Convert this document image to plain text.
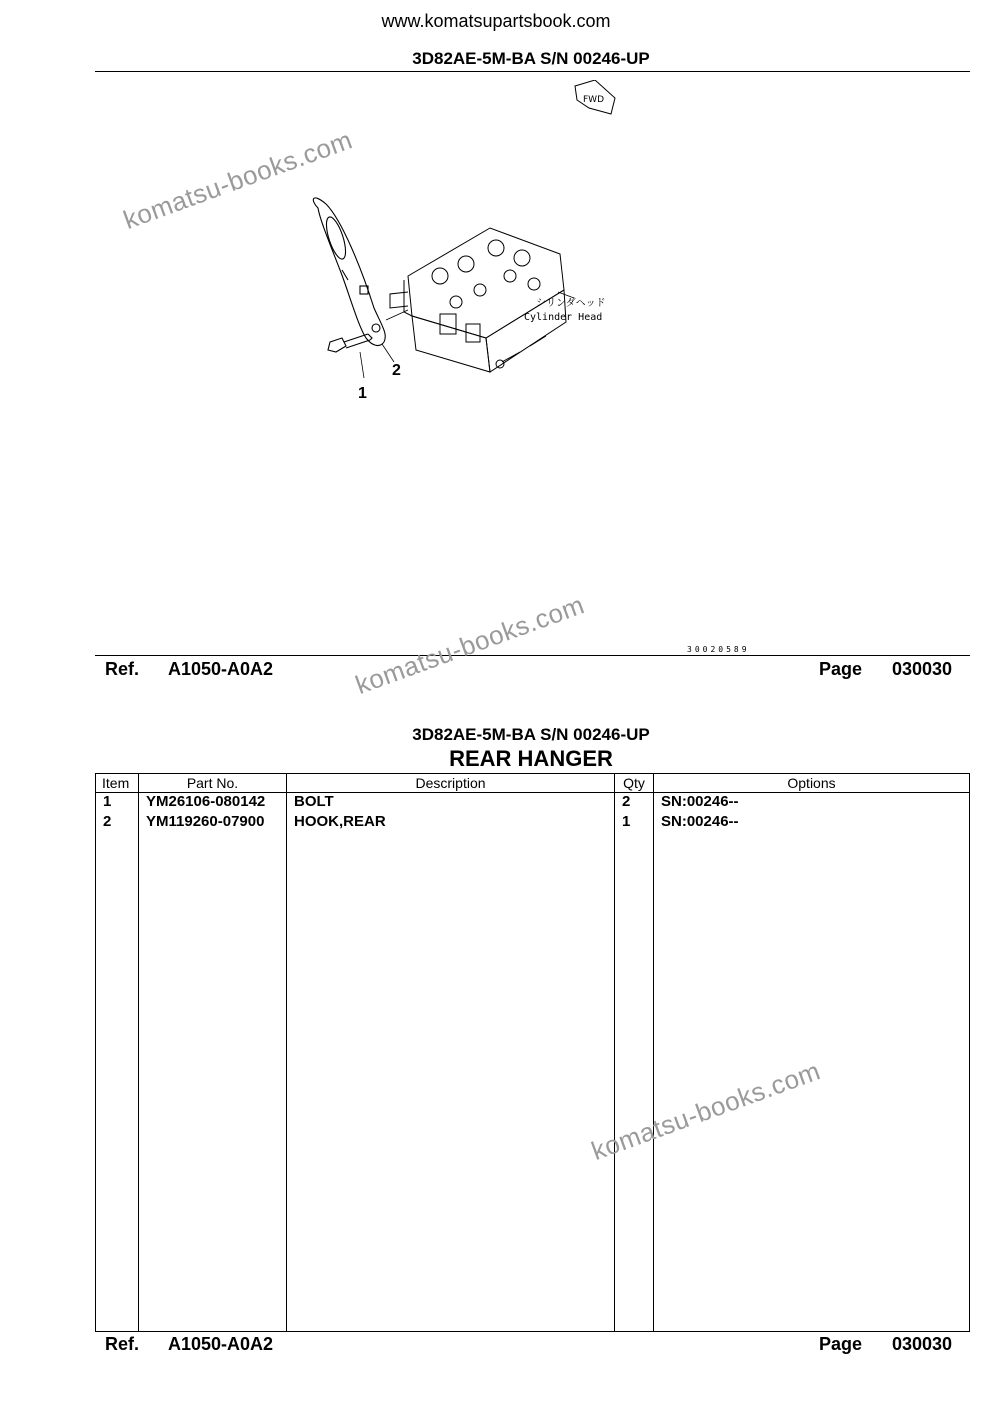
www.komatsupartsbook.com
3D82AE-5M-BA S/N 00246-UP
FWD
1
2
シリンダヘッド
Cylinder Head
30020589
Ref. A1050-A0A2	Page 030030
3D82AE-5M-BA S/N 00246-UP
REAR HANGER
Item	Part No.	Description	Qty	Options
1	YM26106-080142	BOLT	2	SN:00246--
2	YM119260-07900	HOOK,REAR	1	SN:00246--

Ref. A1050-A0A2	Page 030030
komatsu-books.com
komatsu-books.com
komatsu-books.com
